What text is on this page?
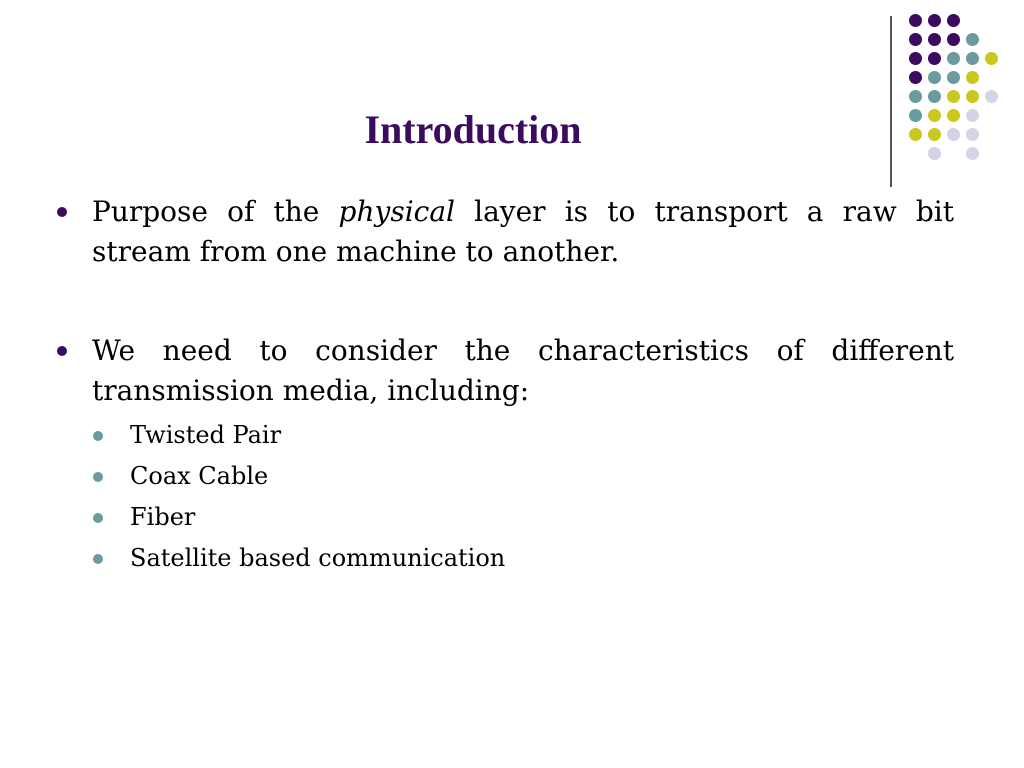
Introduction
Purpose of the physical layer is to transport a raw bit stream from one machine to another.
We need to consider the characteristics of different transmission media, including:
Twisted Pair
Coax Cable
Fiber
Satellite based communication
